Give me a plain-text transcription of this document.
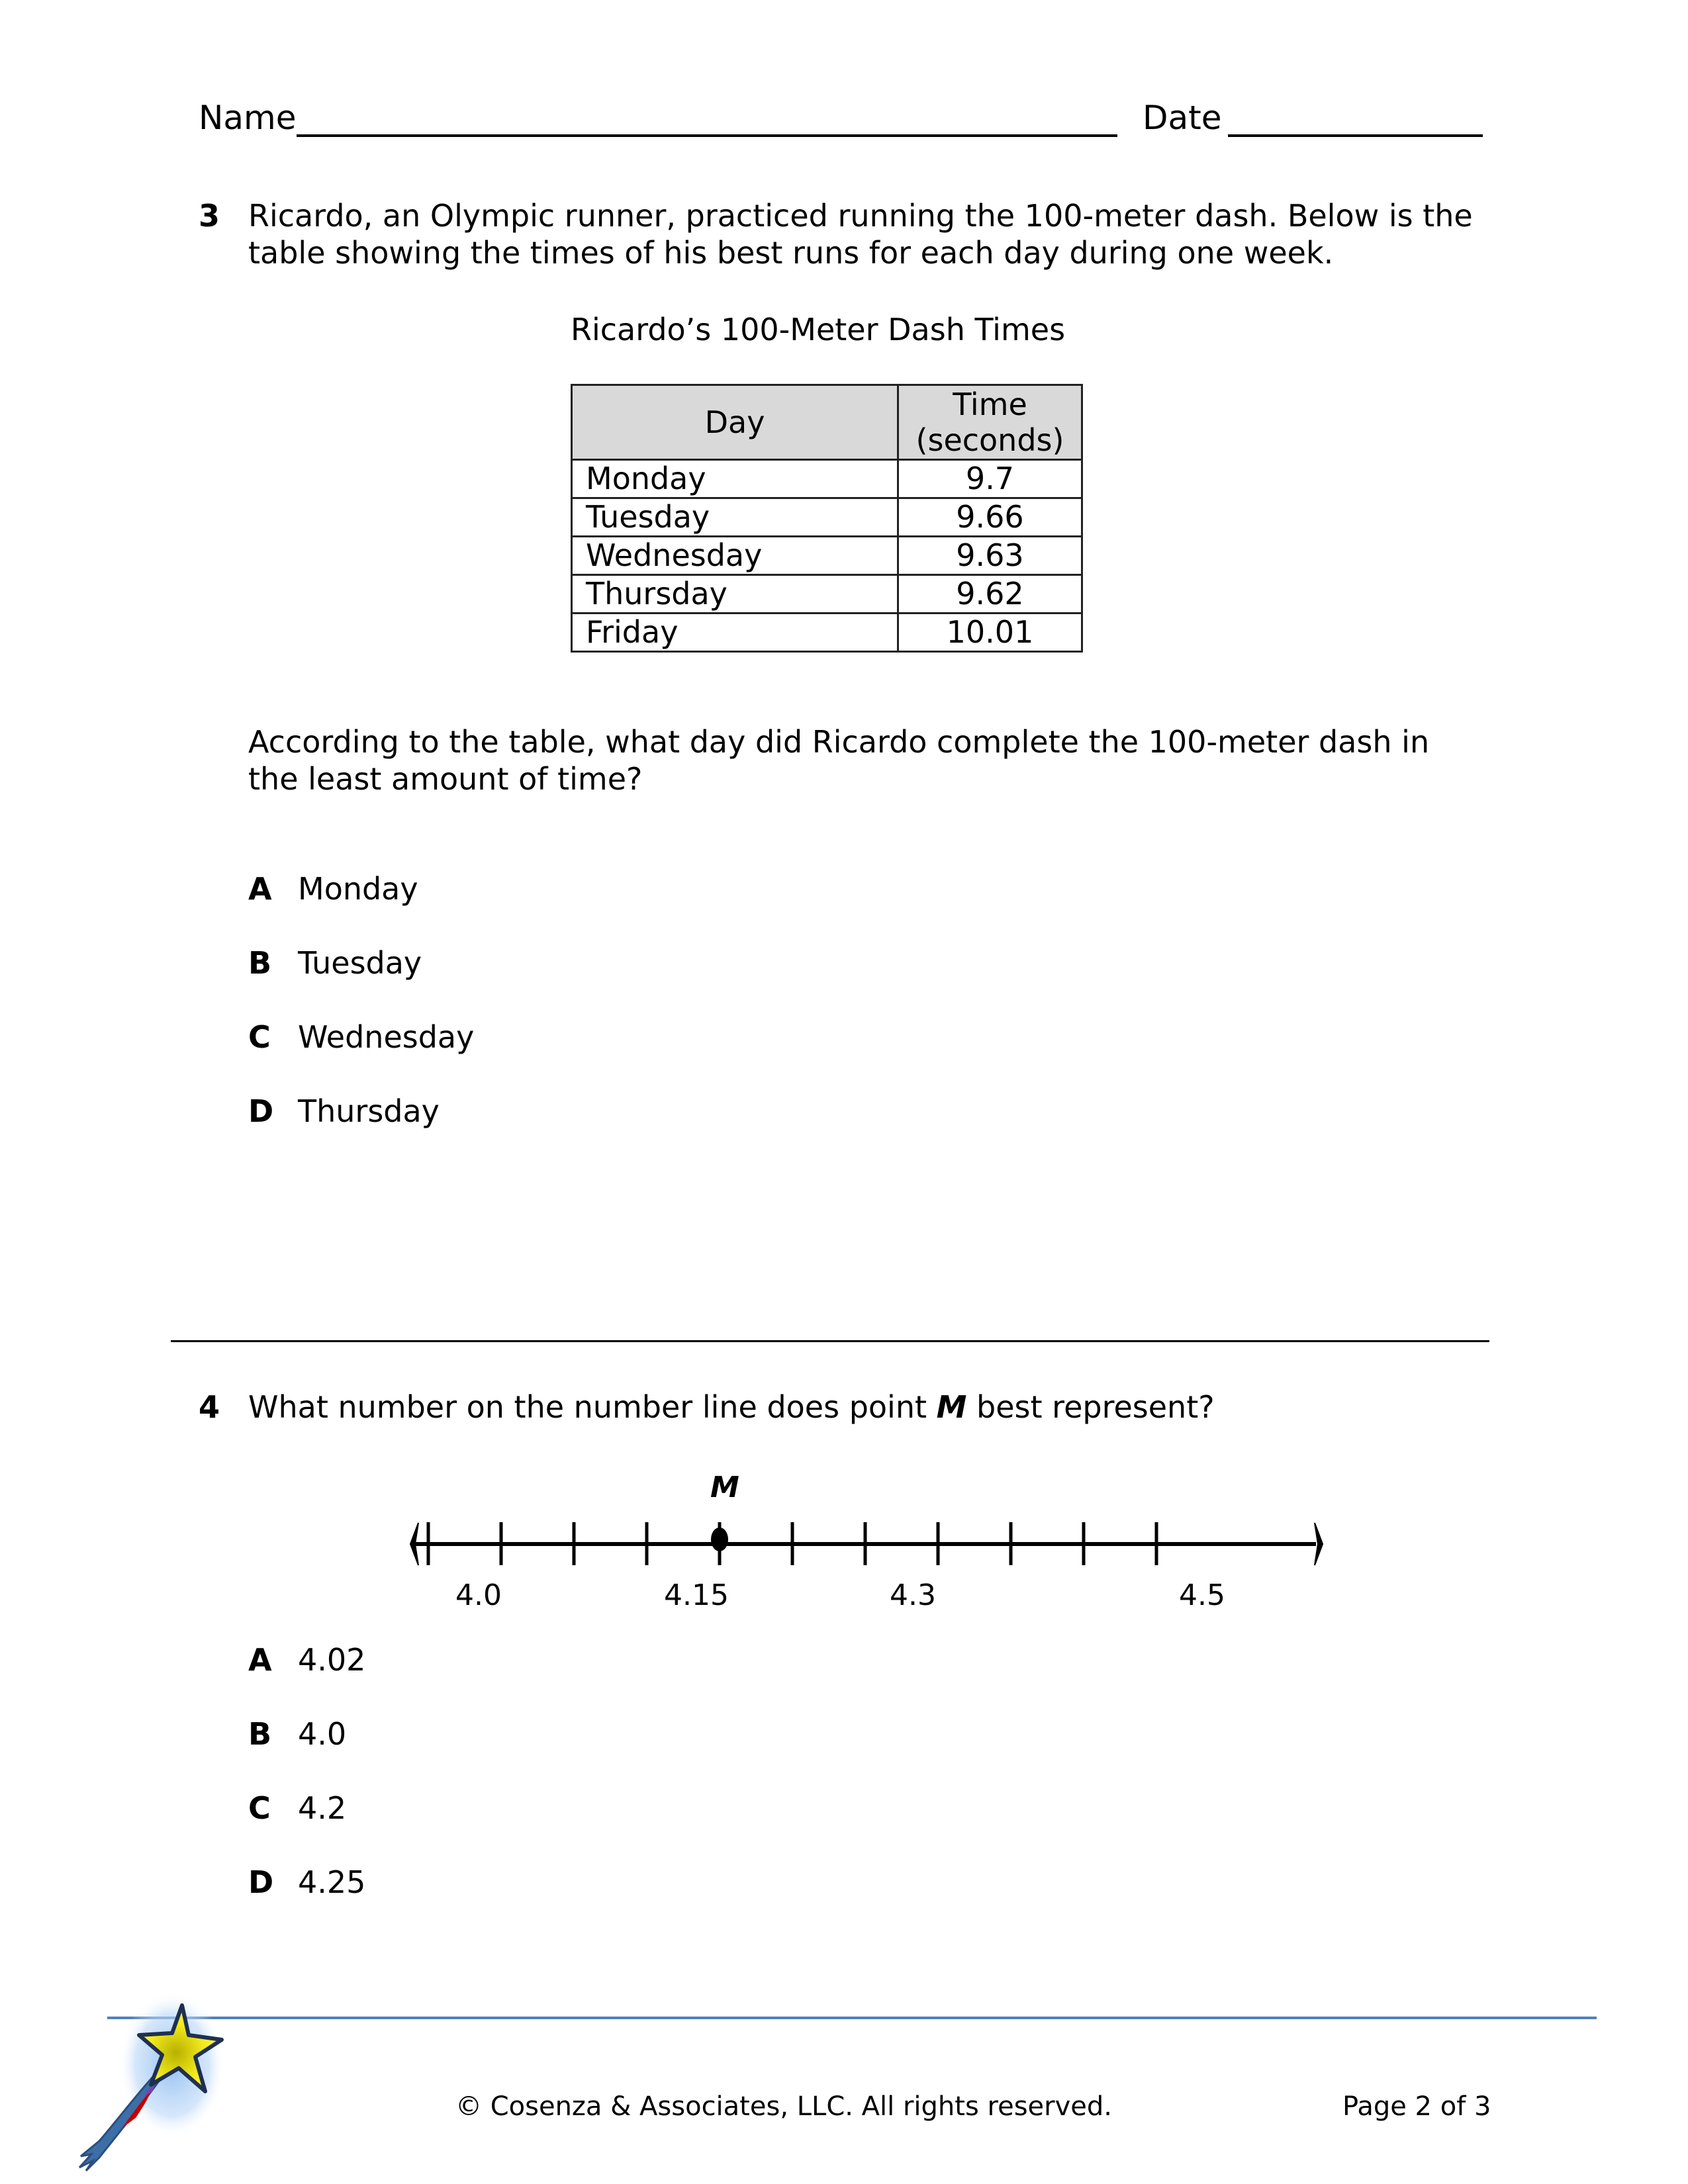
Name	Date
3 Ricardo, an Olympic runner, practiced running the 100-meter dash. Below is the
table showing the times of his best runs for each day during one week.
Ricardo’s 100-Meter Dash Times
Day	Time
(seconds)
Monday	9.7
Tuesday	9.66
Wednesday	9.63
Thursday	9.62
Friday	10.01
According to the table, what day did Ricardo complete the 100-meter dash in
the least amount of time?
A Monday
B Tuesday
C Wednesday
D Thursday
4 What number on the number line does point M best represent?
M
4.0	4.15	4.3	4.5
A 4.02
B 4.0
C 4.2
D 4.25
© Cosenza & Associates, LLC. All rights reserved.	Page 2 of 3
